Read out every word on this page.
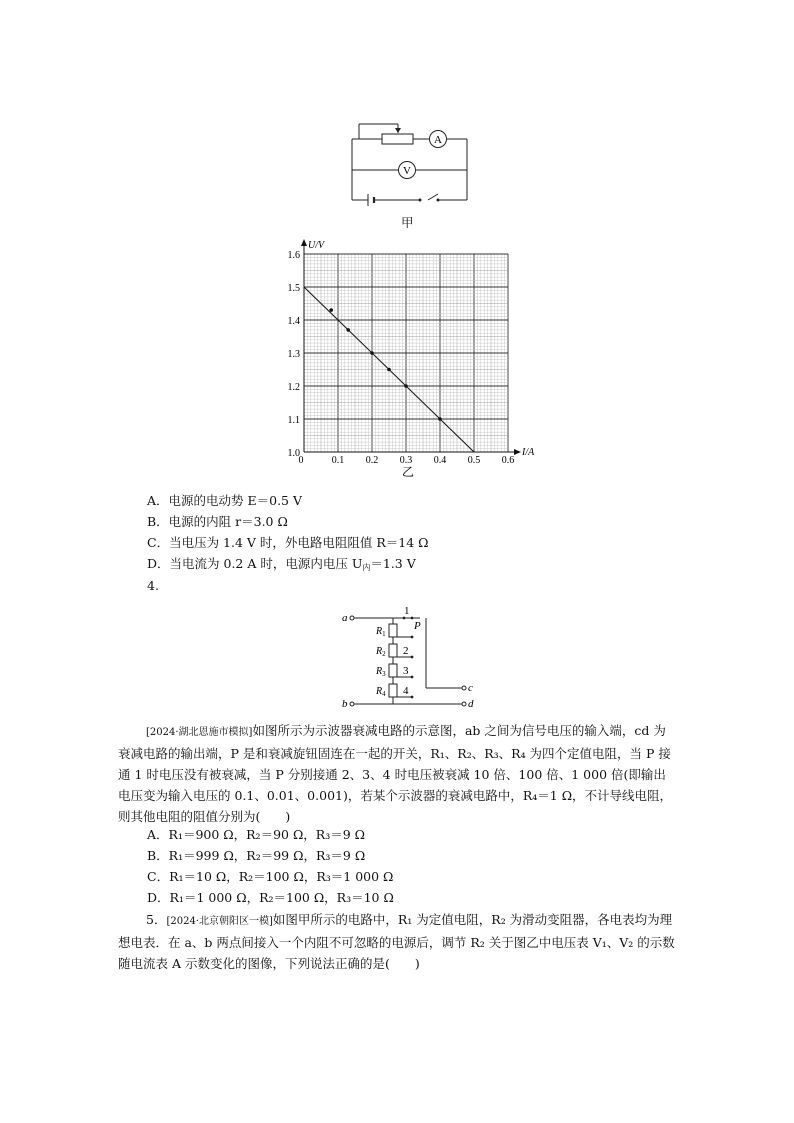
A
V
甲
0	0.1 0.2 0.3 0.4 0.5 0.6
1.0
1.1
1.2
1.3
1.4
1.5
1.6
I/A
U/V
乙
A．电源的电动势 E＝0.5 V
B．电源的内阻 r＝3.0 Ω
C．当电压为 1.4 V 时，外电路电阻阻值 R＝14 Ω
D．当电流为 0.2 A 时，电源内电压 $U_内=1.3$ V
4.
a
b
c
d
1
P
2
3
4
$R_1$
$R_2$
$R_3$
$R_4$
[2024·湖北恩施市模拟]如图所示为示波器衰减电路的示意图，ab 之间为信号电压的输入端，cd 为衰减电路的输出端，P 是和衰减旋钮固连在一起的开关，R₁、R₂、R₃、R₄ 为四个定值电阻，当 P 接通 1 时电压没有被衰减，当 P 分别接通 2、3、4 时电压被衰减 10 倍、100 倍、1 000 倍(即输出电压变为输入电压的 0.1、0.01、0.001)，若某个示波器的衰减电路中，R₄＝1 Ω，不计导线电阻，则其他电阻的阻值分别为(　　)
A．R₁＝900 Ω，R₂＝90 Ω，R₃＝9 Ω
B．R₁＝999 Ω，R₂＝99 Ω，R₃＝9 Ω
C．R₁＝10 Ω，R₂＝100 Ω，R₃＝1 000 Ω
D．R₁＝1 000 Ω，R₂＝100 Ω，R₃＝10 Ω
5．[2024·北京朝阳区一模]如图甲所示的电路中，R₁ 为定值电阻，R₂ 为滑动变阻器，各电表均为理想电表．在 a、b 两点间接入一个内阻不可忽略的电源后，调节 R₂ 关于图乙中电压表 V₁、V₂ 的示数随电流表 A 示数变化的图像，下列说法正确的是(　　)
